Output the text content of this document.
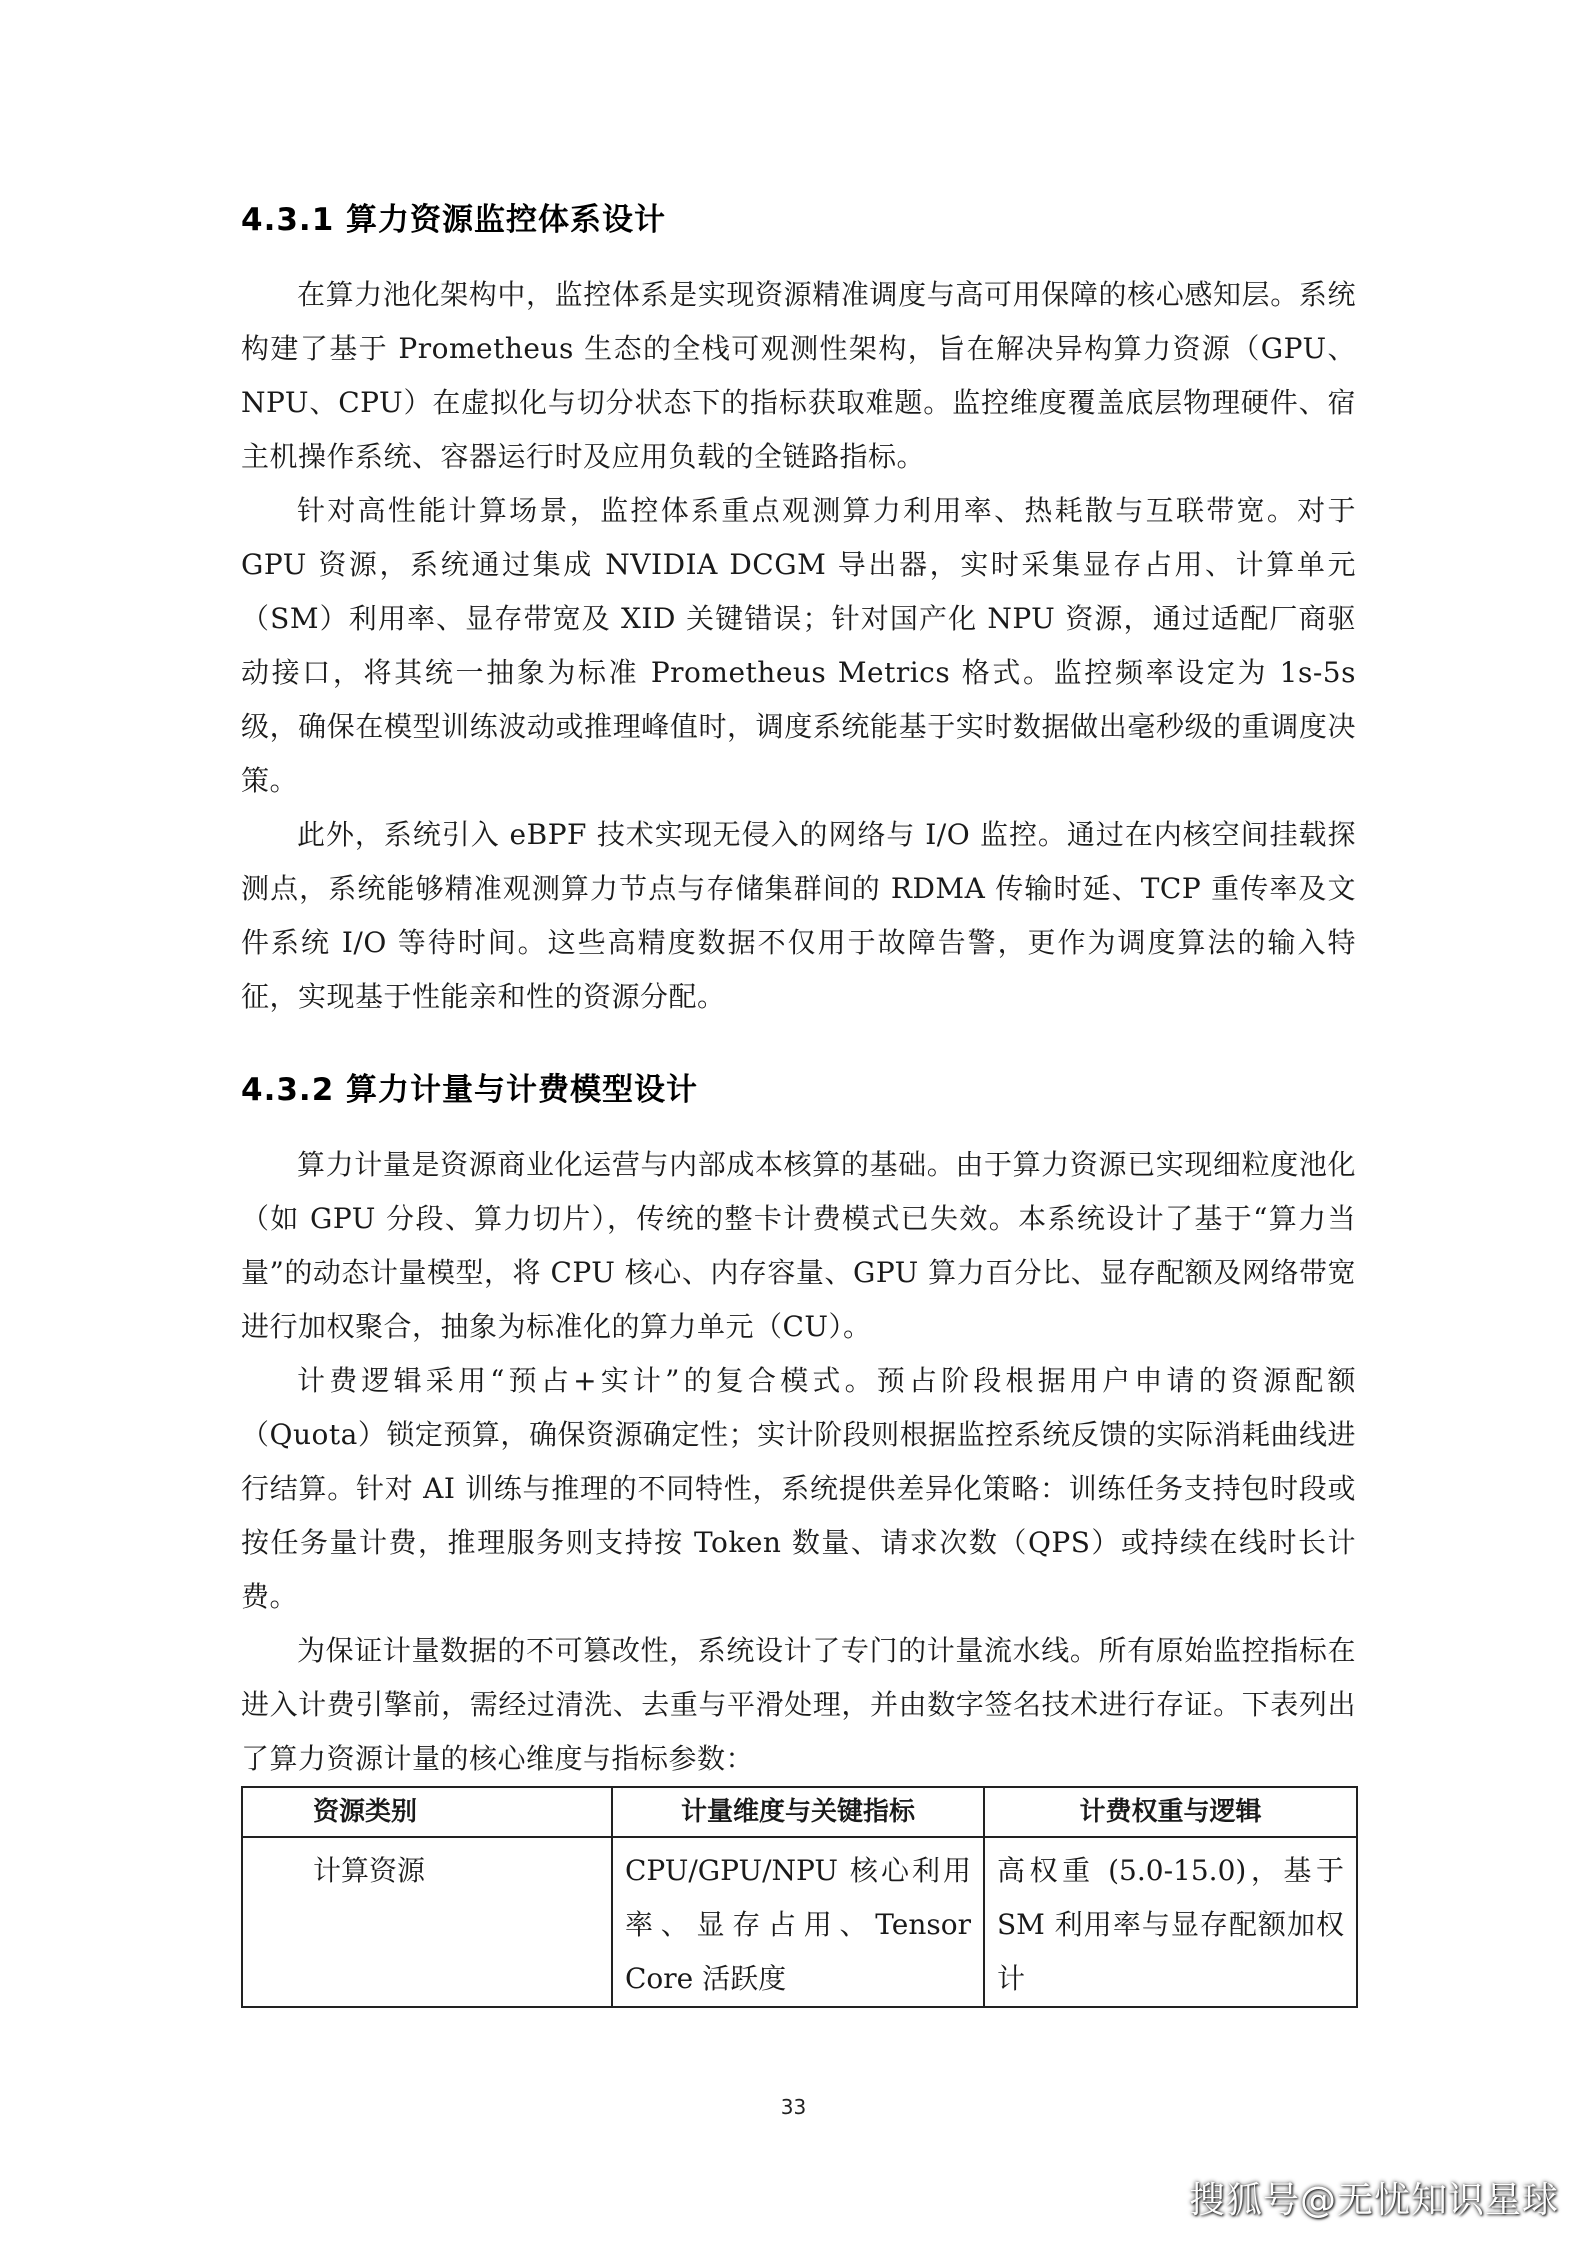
4.3.1 算力资源监控体系设计

在算力池化架构中，监控体系是实现资源精准调度与高可用保障的核心感知层。系统构建了基于 Prometheus 生态的全栈可观测性架构，旨在解决异构算力资源（GPU、NPU、CPU）在虚拟化与切分状态下的指标获取难题。监控维度覆盖底层物理硬件、宿主机操作系统、容器运行时及应用负载的全链路指标。

针对高性能计算场景，监控体系重点观测算力利用率、热耗散与互联带宽。对于 GPU 资源，系统通过集成 NVIDIA DCGM 导出器，实时采集显存占用、计算单元（SM）利用率、显存带宽及 XID 关键错误；针对国产化 NPU 资源，通过适配厂商驱动接口，将其统一抽象为标准 Prometheus Metrics 格式。监控频率设定为 1s-5s 级，确保在模型训练波动或推理峰值时，调度系统能基于实时数据做出毫秒级的重调度决策。

此外，系统引入 eBPF 技术实现无侵入的网络与 I/O 监控。通过在内核空间挂载探测点，系统能够精准观测算力节点与存储集群间的 RDMA 传输时延、TCP 重传率及文件系统 I/O 等待时间。这些高精度数据不仅用于故障告警，更作为调度算法的输入特征，实现基于性能亲和性的资源分配。

4.3.2 算力计量与计费模型设计

算力计量是资源商业化运营与内部成本核算的基础。由于算力资源已实现细粒度池化（如 GPU 分段、算力切片），传统的整卡计费模式已失效。本系统设计了基于“算力当量”的动态计量模型，将 CPU 核心、内存容量、GPU 算力百分比、显存配额及网络带宽进行加权聚合，抽象为标准化的算力单元（CU）。

计费逻辑采用“预占+实计”的复合模式。预占阶段根据用户申请的资源配额（Quota）锁定预算，确保资源确定性；实计阶段则根据监控系统反馈的实际消耗曲线进行结算。针对 AI 训练与推理的不同特性，系统提供差异化策略：训练任务支持包时段或按任务量计费，推理服务则支持按 Token 数量、请求次数（QPS）或持续在线时长计费。

为保证计量数据的不可篡改性，系统设计了专门的计量流水线。所有原始监控指标在进入计费引擎前，需经过清洗、去重与平滑处理，并由数字签名技术进行存证。下表列出了算力资源计量的核心维度与指标参数：

资源类别	计量维度与关键指标	计费权重与逻辑
计算资源	CPU/GPU/NPU 核心利用率、显存占用、Tensor Core 活跃度	高权重 (5.0-15.0)，基于 SM 利用率与显存配额加权计
33
搜狐号@无忧知识星球
